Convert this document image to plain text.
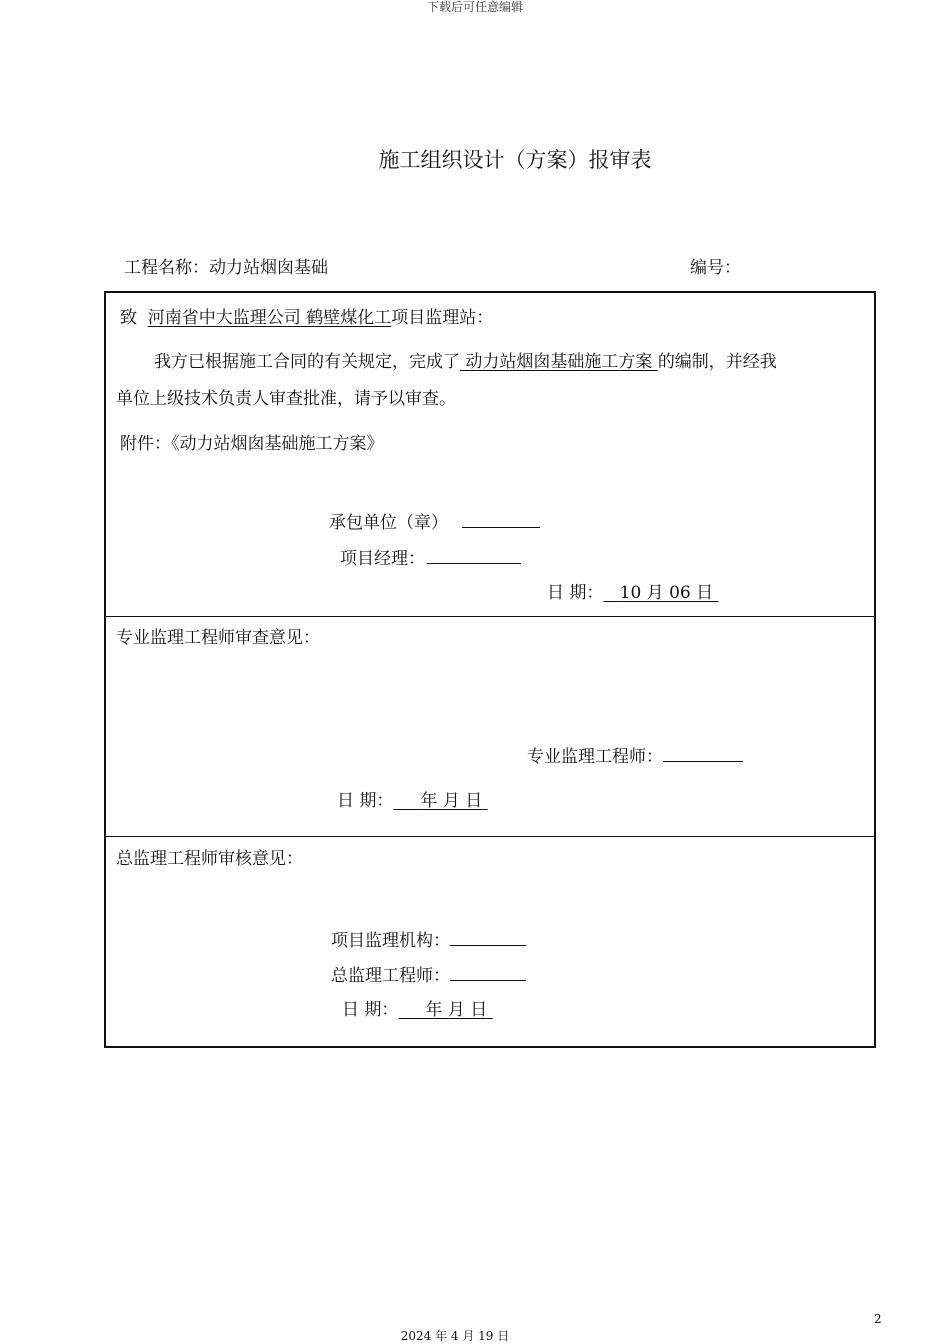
下载后可任意编辑
施工组织设计（方案）报审表
工程名称：动力站烟囱基础	编号：
致 河南省中大监理公司 鹤壁煤化工项目监理站：
我方已根据施工合同的有关规定，完成了 动力站烟囱基础施工方案 的编制，并经我
单位上级技术负责人审查批准，请予以审查。
附件：《动力站烟囱基础施工方案》
承包单位（章）
项目经理：
日 期： 10 月 06 日
专业监理工程师审查意见：
专业监理工程师：
日 期： 年 月 日
总监理工程师审核意见：
项目监理机构：
总监理工程师：
日 期： 年 月 日
2
2024 年 4 月 19 日
